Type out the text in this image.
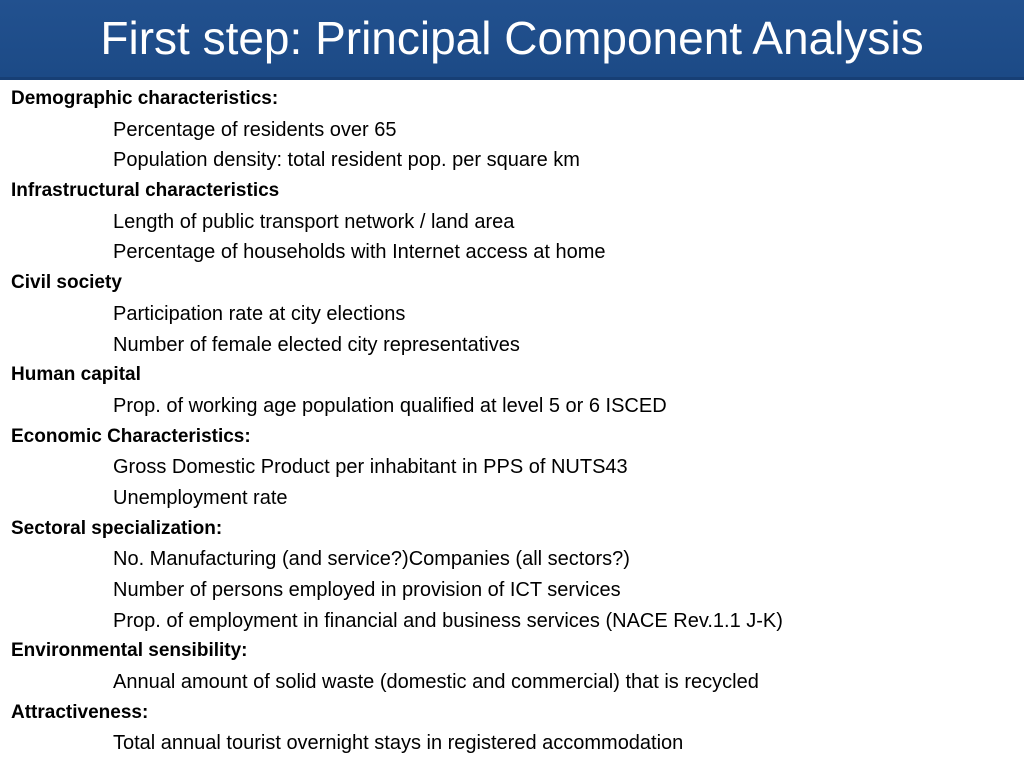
First step: Principal Component Analysis
Demographic characteristics:
Percentage of residents over 65
Population density: total resident pop. per square km
Infrastructural characteristics
Length of public transport network / land area
Percentage of households with Internet access at home
Civil society
Participation rate at city elections
Number of female elected city representatives
Human capital
Prop. of working age population qualified at level 5 or 6 ISCED
Economic Characteristics:
Gross Domestic Product per inhabitant in PPS of NUTS43
Unemployment rate
Sectoral specialization:
No. Manufacturing (and service?)Companies (all sectors?)
Number of persons employed in provision of ICT services
Prop. of employment in financial and business services (NACE Rev.1.1 J-K)
Environmental sensibility:
Annual amount of solid waste (domestic and commercial) that is recycled
Attractiveness:
Total annual tourist overnight stays in registered accommodation
